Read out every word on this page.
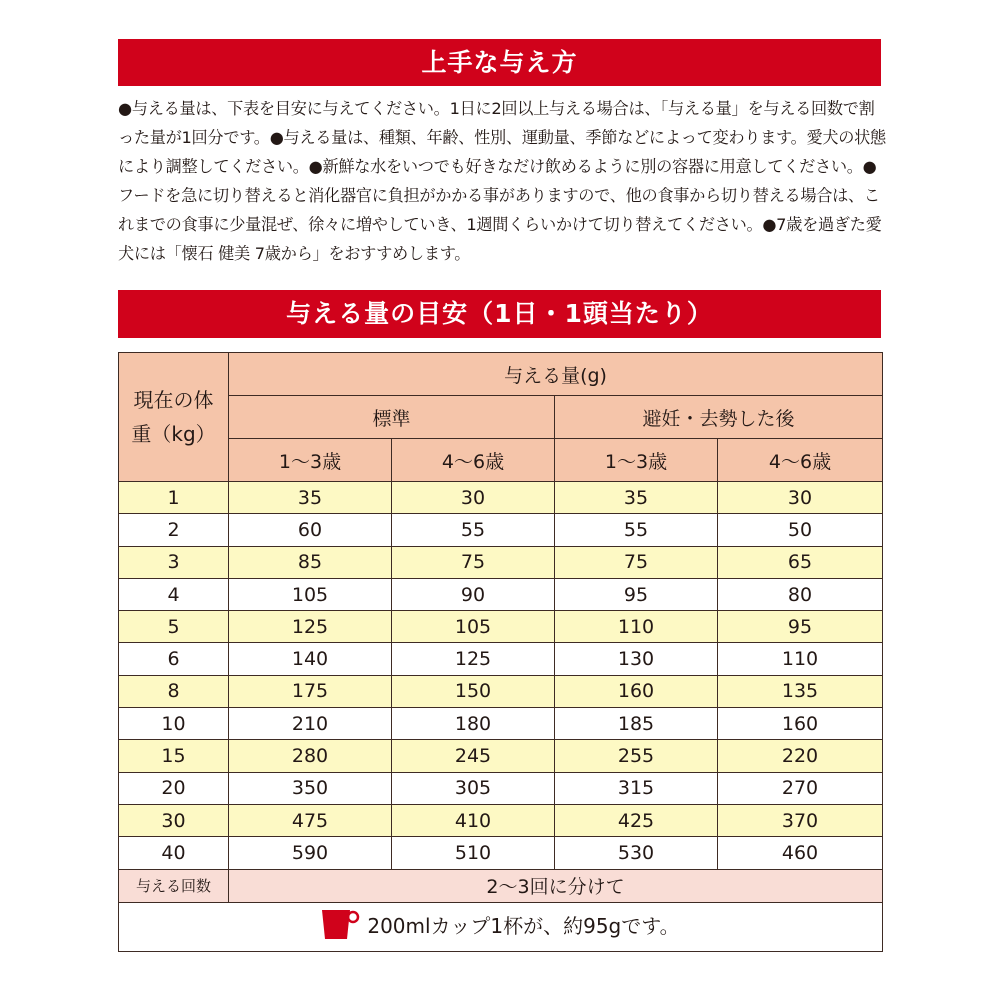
上手な与え方
●与える量は、下表を目安に与えてください。1日に2回以上与える場合は、「与える量」を与える回数で割った量が1回分です。●与える量は、種類、年齢、性別、運動量、季節などによって変わります。愛犬の状態により調整してください。●新鮮な水をいつでも好きなだけ飲めるように別の容器に用意してください。●フードを急に切り替えると消化器官に負担がかかる事がありますので、他の食事から切り替える場合は、これまでの食事に少量混ぜ、徐々に増やしていき、1週間くらいかけて切り替えてください。●7歳を過ぎた愛犬には「懐石 健美 7歳から」をおすすめします。
与える量の目安（1日・1頭当たり）
現在の体重（kg）	与える量(g)			
	標準		避妊・去勢した後	
	1～3歳	4～6歳	1～3歳	4～6歳
1	35	30	35	30
2	60	55	55	50
3	85	75	75	65
4	105	90	95	80
5	125	105	110	95
6	140	125	130	110
8	175	150	160	135
10	210	180	185	160
15	280	245	255	220
20	350	305	315	270
30	475	410	425	370
40	590	510	530	460
与える回数	2～3回に分けて			

200mlカップ1杯が、約95gです。				
